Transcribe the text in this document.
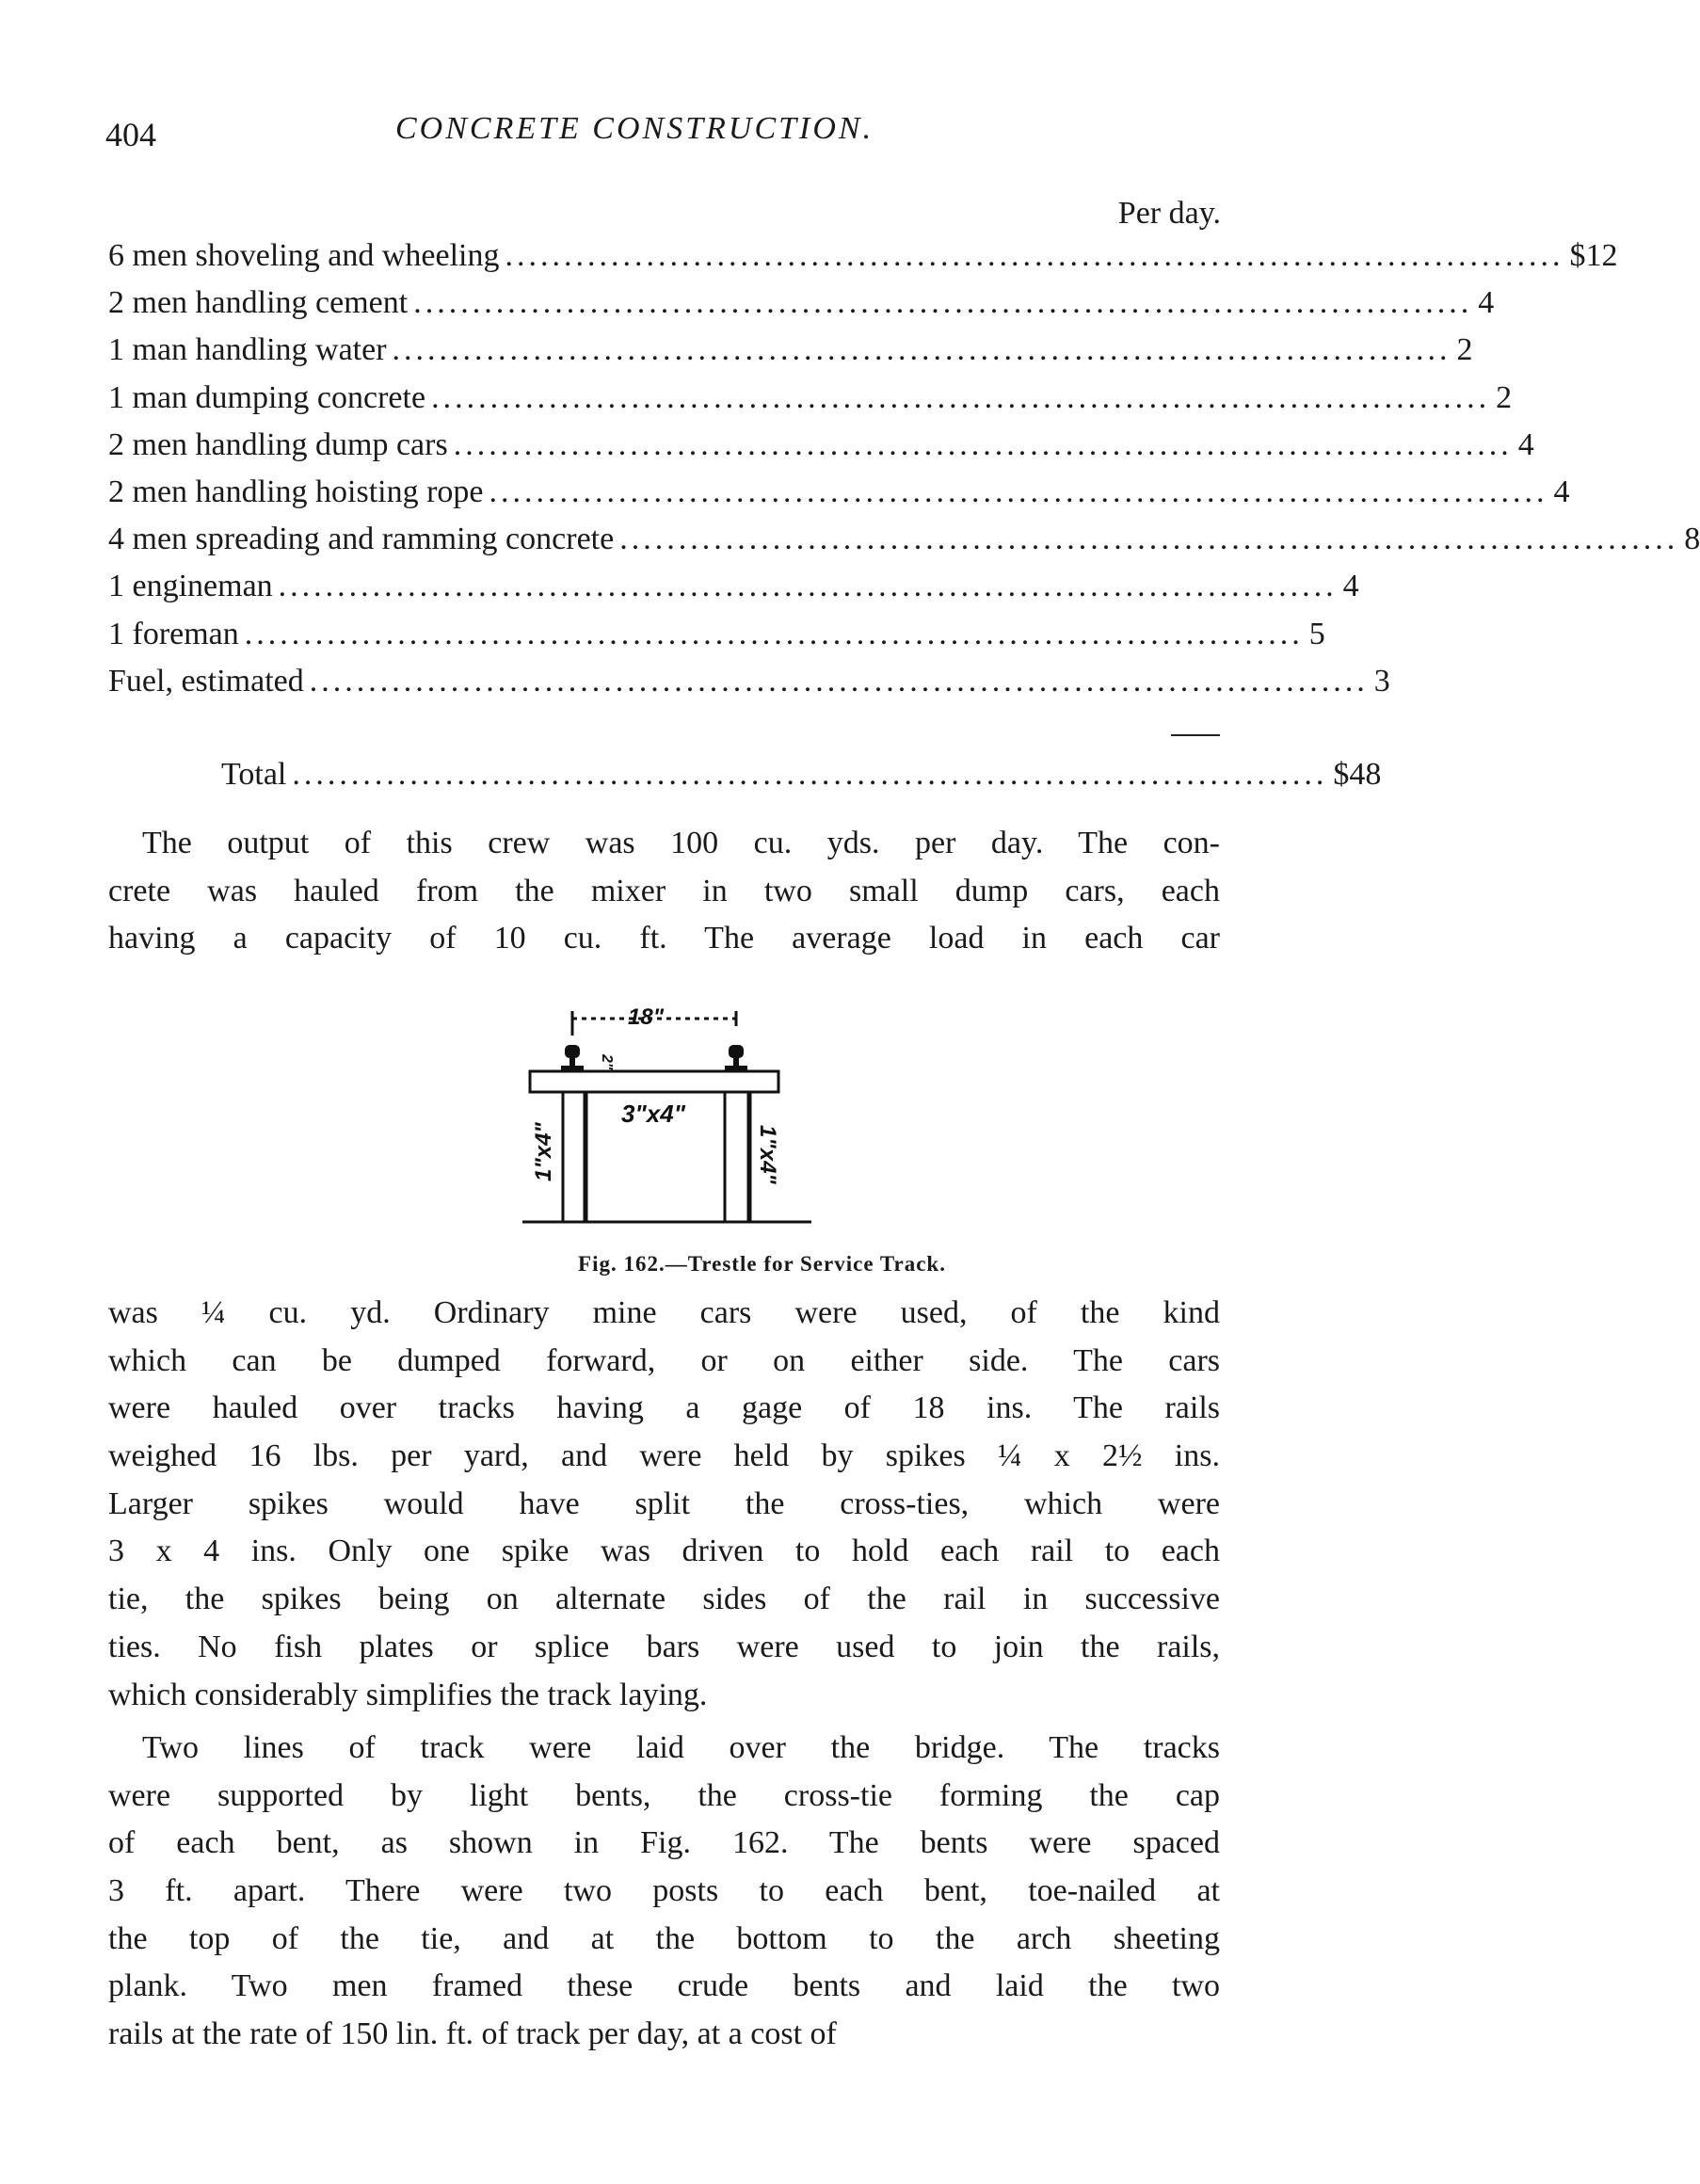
404	CONCRETE CONSTRUCTION.
Per day.
6 men shoveling and wheeling .......................................................................................... $12
2 men handling cement .......................................................................................... 4
1 man handling water .......................................................................................... 2
1 man dumping concrete .......................................................................................... 2
2 men handling dump cars .......................................................................................... 4
2 men handling hoisting rope .......................................................................................... 4
4 men spreading and ramming concrete .......................................................................................... 8
1 engineman .......................................................................................... 4
1 foreman .......................................................................................... 5
Fuel, estimated .......................................................................................... 3
Total ........................................................................................ $48
The output of this crew was 100 cu. yds. per day. The con-
crete was hauled from the mixer in two small dump cars, each
having a capacity of 10 cu. ft. The average load in each car
18"
2"
3"x4"
1"x4"	1"x4"
Fig. 162.—Trestle for Service Track.
was ¼ cu. yd. Ordinary mine cars were used, of the kind
which can be dumped forward, or on either side. The cars
were hauled over tracks having a gage of 18 ins. The rails
weighed 16 lbs. per yard, and were held by spikes ¼ x 2½ ins.
Larger spikes would have split the cross-ties, which were
3 x 4 ins. Only one spike was driven to hold each rail to each
tie, the spikes being on alternate sides of the rail in successive
ties. No fish plates or splice bars were used to join the rails,
which considerably simplifies the track laying.
Two lines of track were laid over the bridge. The tracks
were supported by light bents, the cross-tie forming the cap
of each bent, as shown in Fig. 162. The bents were spaced
3 ft. apart. There were two posts to each bent, toe-nailed at
the top of the tie, and at the bottom to the arch sheeting
plank. Two men framed these crude bents and laid the two
rails at the rate of 150 lin. ft. of track per day, at a cost of
